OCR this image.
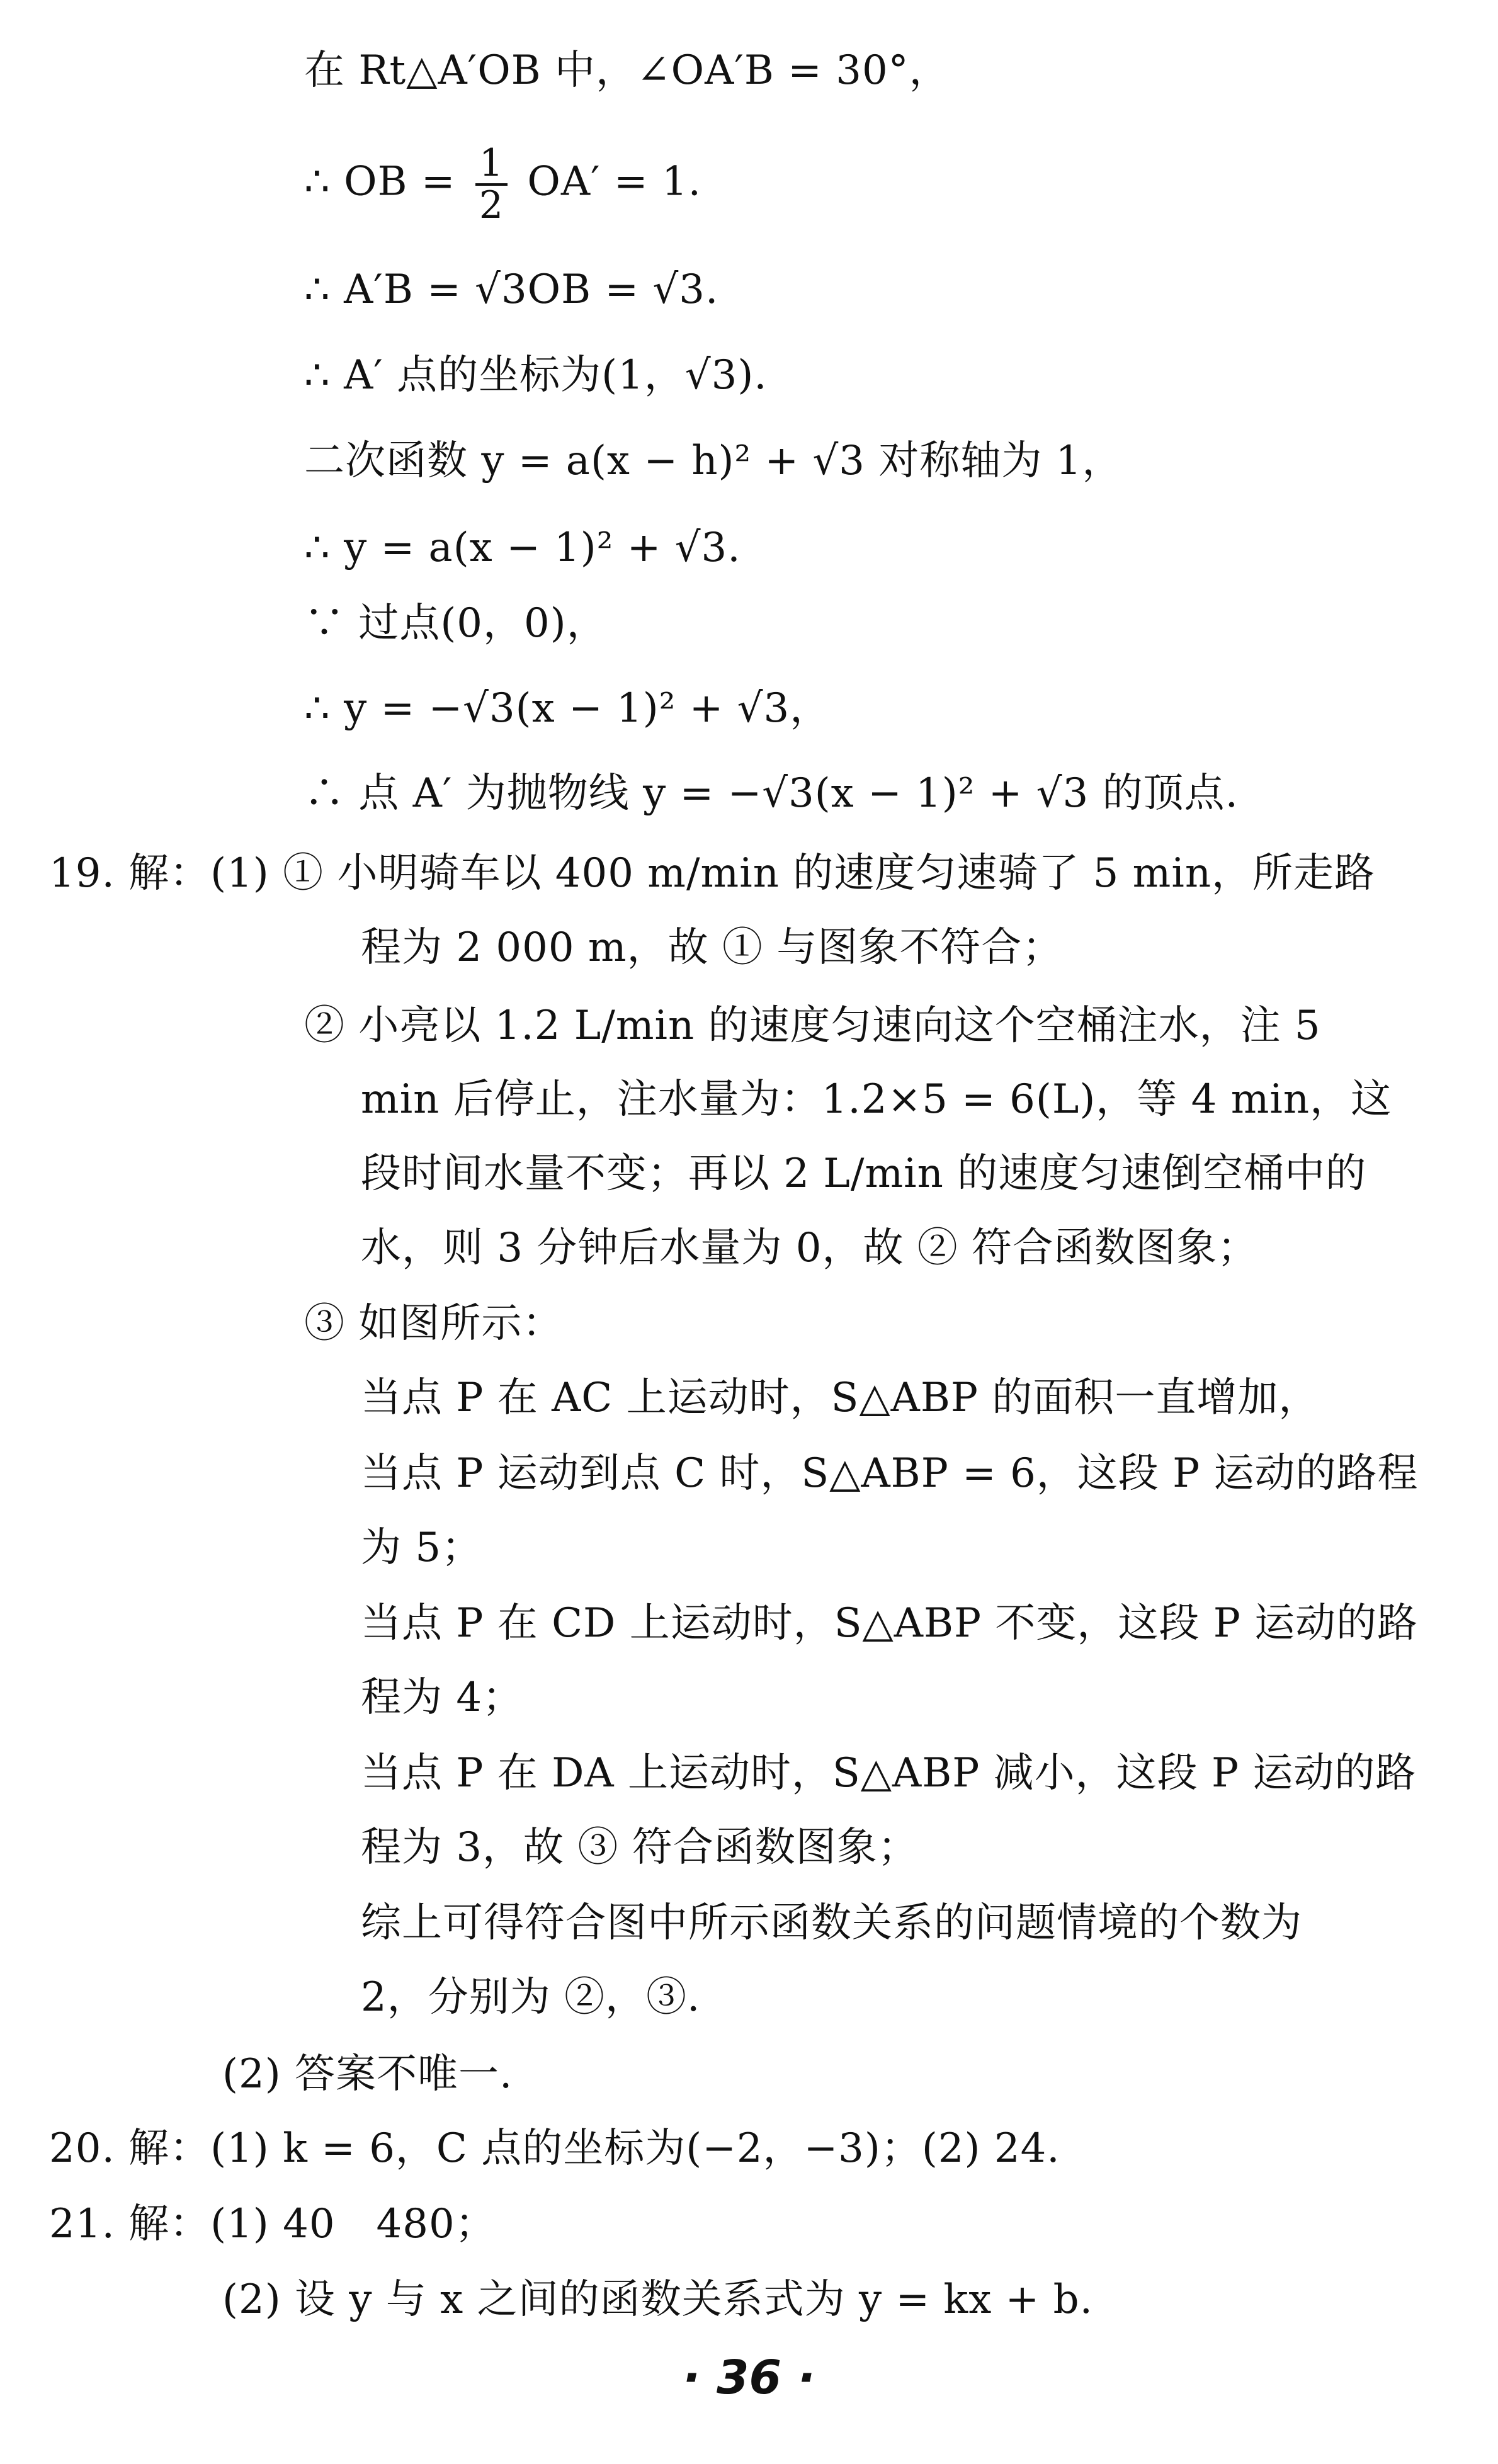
在 Rt△A′OB 中，∠OA′B = 30°，
∴ OB = $\frac{1}{2} OA' = 1$.
∴ A′B = √3OB = √3.
∴ A′ 点的坐标为(1，√3).
二次函数 y = a(x − h)² + √3 对称轴为 1，
∴ y = a(x − 1)² + √3.
∵ 过点(0，0)，
∴ y = −√3(x − 1)² + √3，
∴ 点 A′ 为抛物线 y = −√3(x − 1)² + √3 的顶点.
19. 解：(1) ① 小明骑车以 400 m/min 的速度匀速骑了 5 min，所走路
程为 2 000 m，故 ① 与图象不符合；
② 小亮以 1.2 L/min 的速度匀速向这个空桶注水，注 5
min 后停止，注水量为：1.2×5 = 6(L)，等 4 min，这
段时间水量不变；再以 2 L/min 的速度匀速倒空桶中的
水，则 3 分钟后水量为 0，故 ② 符合函数图象；
③ 如图所示：
当点 P 在 AC 上运动时，S△ABP 的面积一直增加，
当点 P 运动到点 C 时，S△ABP = 6，这段 P 运动的路程
为 5；
当点 P 在 CD 上运动时，S△ABP 不变，这段 P 运动的路
程为 4；
当点 P 在 DA 上运动时，S△ABP 减小，这段 P 运动的路
程为 3，故 ③ 符合函数图象；
综上可得符合图中所示函数关系的问题情境的个数为
2，分别为 ②，③.
(2) 答案不唯一.
20. 解：(1) k = 6，C 点的坐标为(−2，−3)；(2) 24.
21. 解：(1) 40　480；
(2) 设 y 与 x 之间的函数关系式为 y = kx + b.
· 36 ·
